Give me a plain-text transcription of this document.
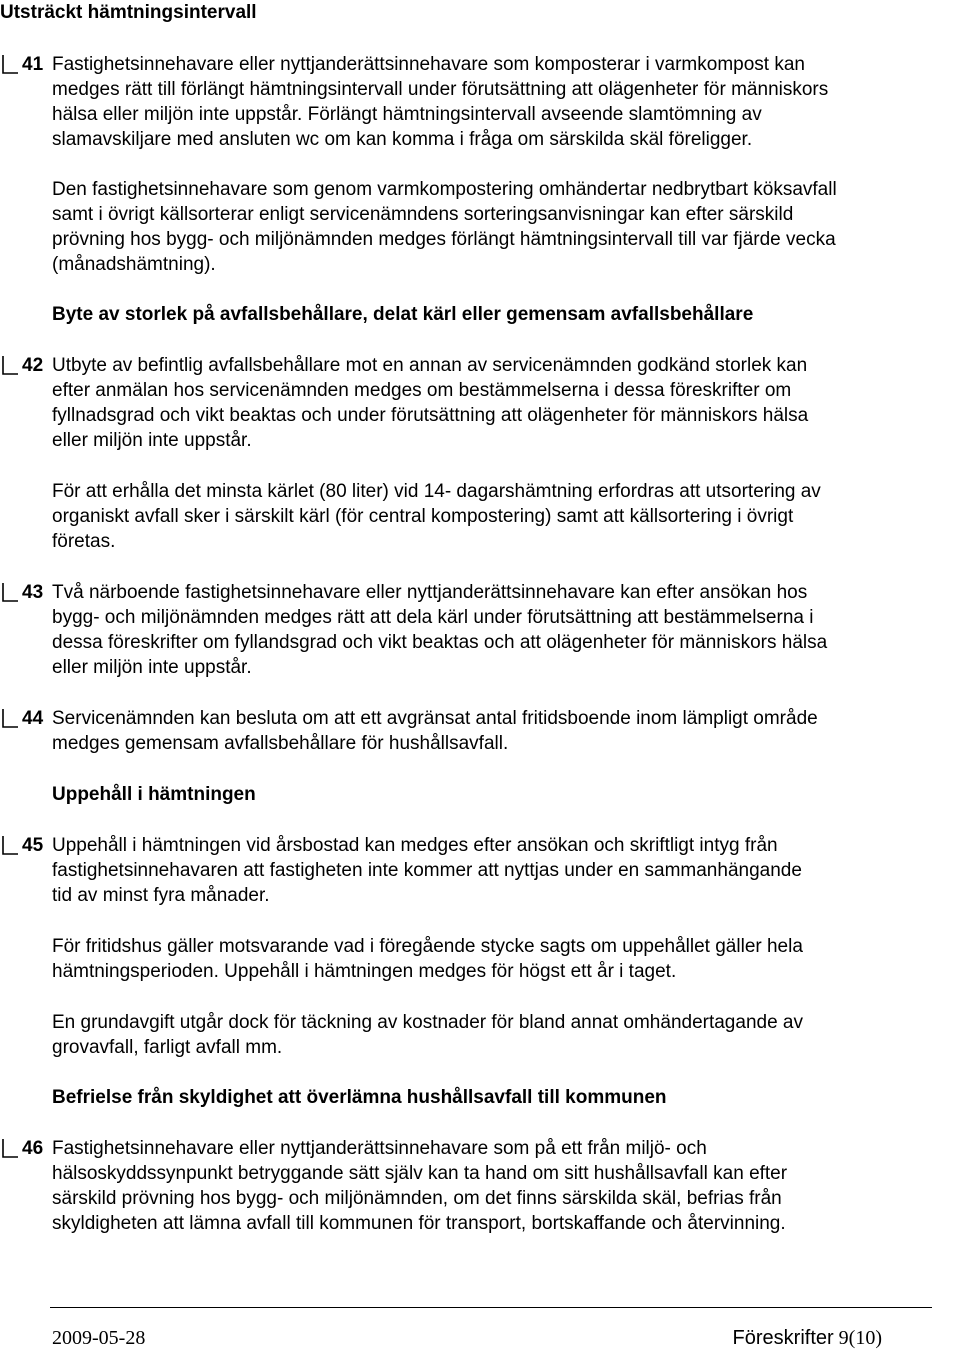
Utsträckt hämtningsintervall
41 Fastighetsinnehavare eller nyttjanderättsinnehavare som komposterar i varmkompost kan
medges rätt till förlängt hämtningsintervall under förutsättning att olägenheter för människors
hälsa eller miljön inte uppstår. Förlängt hämtningsintervall avseende slamtömning av
slamavskiljare med ansluten wc om kan komma i fråga om särskilda skäl föreligger.

Den fastighetsinnehavare som genom varmkompostering omhändertar nedbrytbart köksavfall
samt i övrigt källsorterar enligt servicenämndens sorteringsanvisningar kan efter särskild
prövning hos bygg- och miljönämnden medges förlängt hämtningsintervall till var fjärde vecka
(månadshämtning).

Byte av storlek på avfallsbehållare, delat kärl eller gemensam avfallsbehållare
42 Utbyte av befintlig avfallsbehållare mot en annan av servicenämnden godkänd storlek kan
efter anmälan hos servicenämnden medges om bestämmelserna i dessa föreskrifter om
fyllnadsgrad och vikt beaktas och under förutsättning att olägenheter för människors hälsa
eller miljön inte uppstår.

För att erhålla det minsta kärlet (80 liter) vid 14- dagarshämtning erfordras att utsortering av
organiskt avfall sker i särskilt kärl (för central kompostering) samt att källsortering i övrigt
företas.

43 Två närboende fastighetsinnehavare eller nyttjanderättsinnehavare kan efter ansökan hos
bygg- och miljönämnden medges rätt att dela kärl under förutsättning att bestämmelserna i
dessa föreskrifter om fyllandsgrad och vikt beaktas och att olägenheter för människors hälsa
eller miljön inte uppstår.

44 Servicenämnden kan besluta om att ett avgränsat antal fritidsboende inom lämpligt område
medges gemensam avfallsbehållare för hushållsavfall.

Uppehåll i hämtningen
45 Uppehåll i hämtningen vid årsbostad kan medges efter ansökan och skriftligt intyg från
fastighetsinnehavaren att fastigheten inte kommer att nyttjas under en sammanhängande
tid av minst fyra månader.

För fritidshus gäller motsvarande vad i föregående stycke sagts om uppehållet gäller hela
hämtningsperioden. Uppehåll i hämtningen medges för högst ett år i taget.

En grundavgift utgår dock för täckning av kostnader för bland annat omhändertagande av
grovavfall, farligt avfall mm.

Befrielse från skyldighet att överlämna hushållsavfall till kommunen
46 Fastighetsinnehavare eller nyttjanderättsinnehavare som på ett från miljö- och
hälsoskyddssynpunkt betryggande sätt själv kan ta hand om sitt hushållsavfall kan efter
särskild prövning hos bygg- och miljönämnden, om det finns särskilda skäl, befrias från
skyldigheten att lämna avfall till kommunen för transport, bortskaffande och återvinning.

2009-05-28	Föreskrifter 9(10)
